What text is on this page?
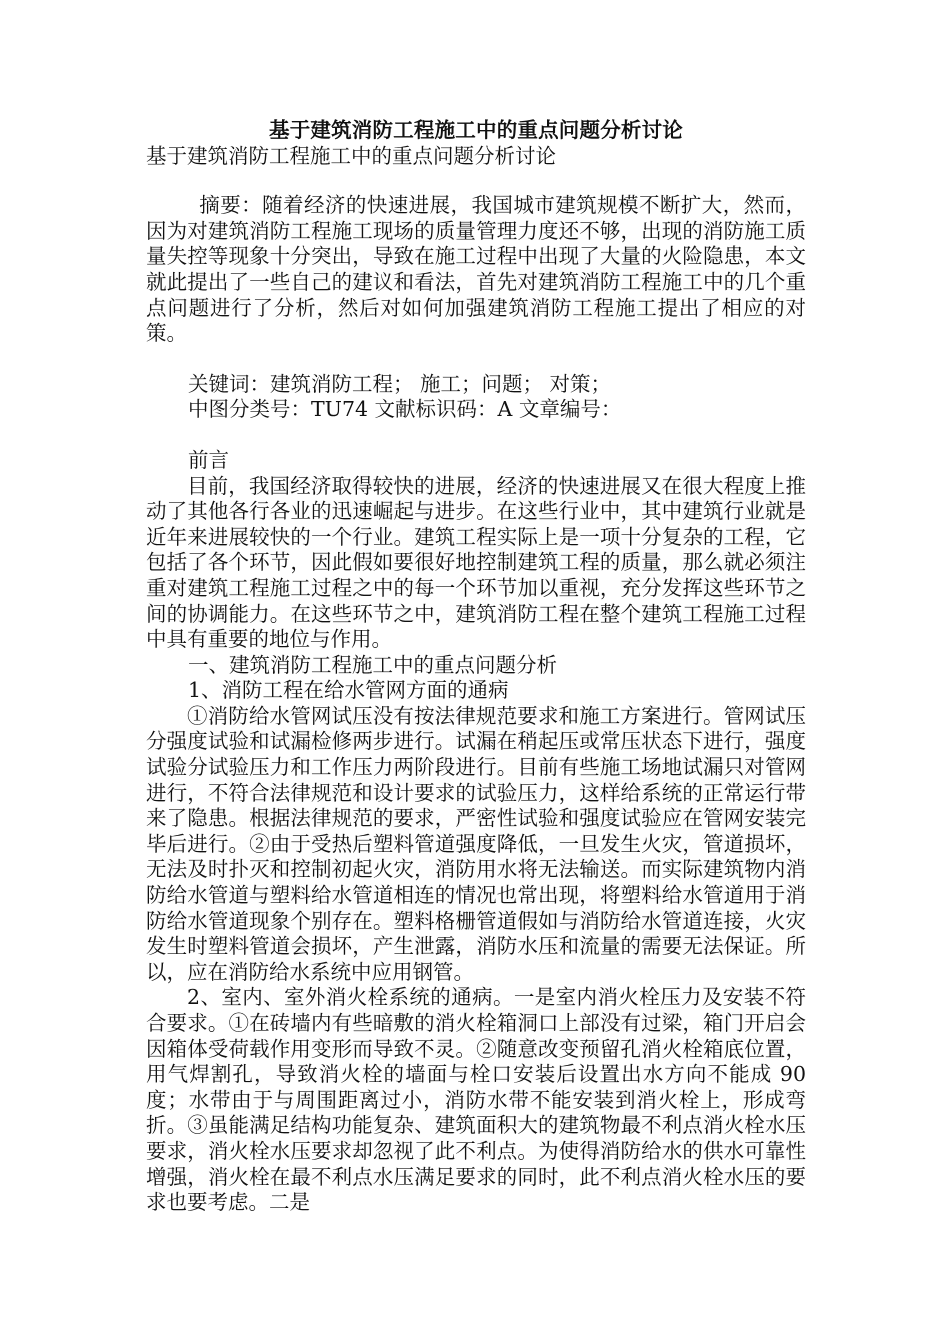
基于建筑消防工程施工中的重点问题分析讨论

基于建筑消防工程施工中的重点问题分析讨论

摘要：随着经济的快速进展，我国城市建筑规模不断扩大，然而，因为对建筑消防工程施工现场的质量管理力度还不够，出现的消防施工质量失控等现象十分突出，导致在施工过程中出现了大量的火险隐患，本文就此提出了一些自己的建议和看法，首先对建筑消防工程施工中的几个重点问题进行了分析，然后对如何加强建筑消防工程施工提出了相应的对策。

关键词：建筑消防工程； 施工；问题； 对策；

中图分类号：TU74 文献标识码：A 文章编号：

前言

目前，我国经济取得较快的进展，经济的快速进展又在很大程度上推动了其他各行各业的迅速崛起与进步。在这些行业中，其中建筑行业就是近年来进展较快的一个行业。建筑工程实际上是一项十分复杂的工程，它包括了各个环节，因此假如要很好地控制建筑工程的质量，那么就必须注重对建筑工程施工过程之中的每一个环节加以重视，充分发挥这些环节之间的协调能力。在这些环节之中，建筑消防工程在整个建筑工程施工过程中具有重要的地位与作用。

一、建筑消防工程施工中的重点问题分析

1、消防工程在给水管网方面的通病

①消防给水管网试压没有按法律规范要求和施工方案进行。管网试压分强度试验和试漏检修两步进行。试漏在稍起压或常压状态下进行，强度试验分试验压力和工作压力两阶段进行。目前有些施工场地试漏只对管网进行，不符合法律规范和设计要求的试验压力，这样给系统的正常运行带来了隐患。根据法律规范的要求，严密性试验和强度试验应在管网安装完毕后进行。②由于受热后塑料管道强度降低，一旦发生火灾，管道损坏，无法及时扑灭和控制初起火灾，消防用水将无法输送。而实际建筑物内消防给水管道与塑料给水管道相连的情况也常出现，将塑料给水管道用于消防给水管道现象个别存在。塑料格栅管道假如与消防给水管道连接，火灾发生时塑料管道会损坏，产生泄露，消防水压和流量的需要无法保证。所以，应在消防给水系统中应用钢管。

2、室内、室外消火栓系统的通病。一是室内消火栓压力及安装不符合要求。①在砖墙内有些暗敷的消火栓箱洞口上部没有过梁，箱门开启会因箱体受荷载作用变形而导致不灵。②随意改变预留孔消火栓箱底位置，用气焊割孔，导致消火栓的墙面与栓口安装后设置出水方向不能成 90度；水带由于与周围距离过小，消防水带不能安装到消火栓上，形成弯折。③虽能满足结构功能复杂、建筑面积大的建筑物最不利点消火栓水压要求，消火栓水压要求却忽视了此不利点。为使得消防给水的供水可靠性增强，消火栓在最不利点水压满足要求的同时，此不利点消火栓水压的要求也要考虑。二是
